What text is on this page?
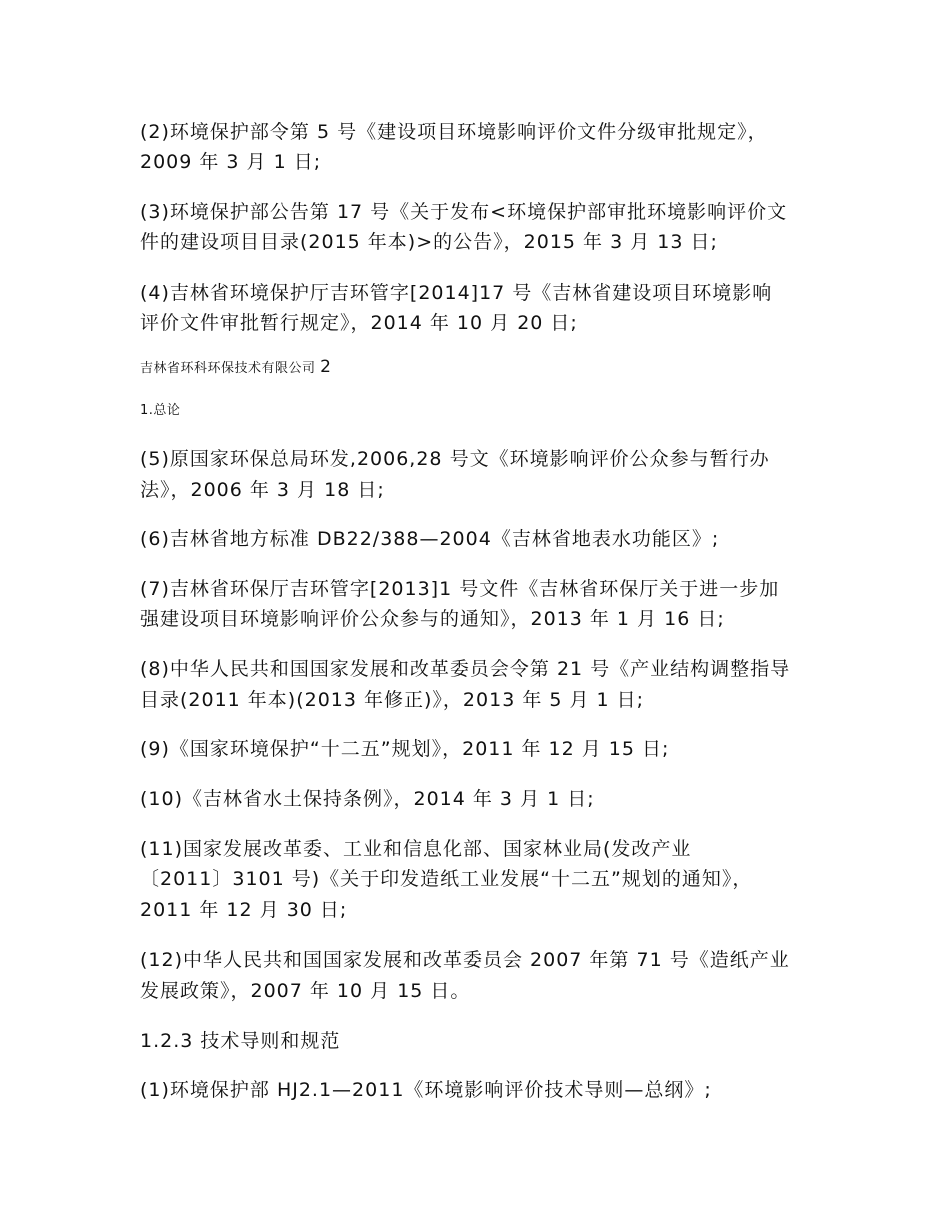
(2)环境保护部令第 5 号《建设项目环境影响评价文件分级审批规定》，
2009 年 3 月 1 日;
(3)环境保护部公告第 17 号《关于发布<环境保护部审批环境影响评价文
件的建设项目目录(2015 年本)>的公告》，2015 年 3 月 13 日;
(4)吉林省环境保护厅吉环管字[2014]17 号《吉林省建设项目环境影响
评价文件审批暂行规定》，2014 年 10 月 20 日;
吉林省环科环保技术有限公司 2
1.总论
(5)原国家环保总局环发,2006,28 号文《环境影响评价公众参与暂行办
法》，2006 年 3 月 18 日;
(6)吉林省地方标准 DB22/388—2004《吉林省地表水功能区》;
(7)吉林省环保厅吉环管字[2013]1 号文件《吉林省环保厅关于进一步加
强建设项目环境影响评价公众参与的通知》，2013 年 1 月 16 日;
(8)中华人民共和国国家发展和改革委员会令第 21 号《产业结构调整指导
目录(2011 年本)(2013 年修正)》，2013 年 5 月 1 日;
(9)《国家环境保护“十二五”规划》，2011 年 12 月 15 日;
(10)《吉林省水土保持条例》，2014 年 3 月 1 日;
(11)国家发展改革委、工业和信息化部、国家林业局(发改产业
〔2011〕3101 号)《关于印发造纸工业发展“十二五”规划的通知》，
2011 年 12 月 30 日;
(12)中华人民共和国国家发展和改革委员会 2007 年第 71 号《造纸产业
发展政策》，2007 年 10 月 15 日。
1.2.3 技术导则和规范
(1)环境保护部 HJ2.1—2011《环境影响评价技术导则—总纲》;
